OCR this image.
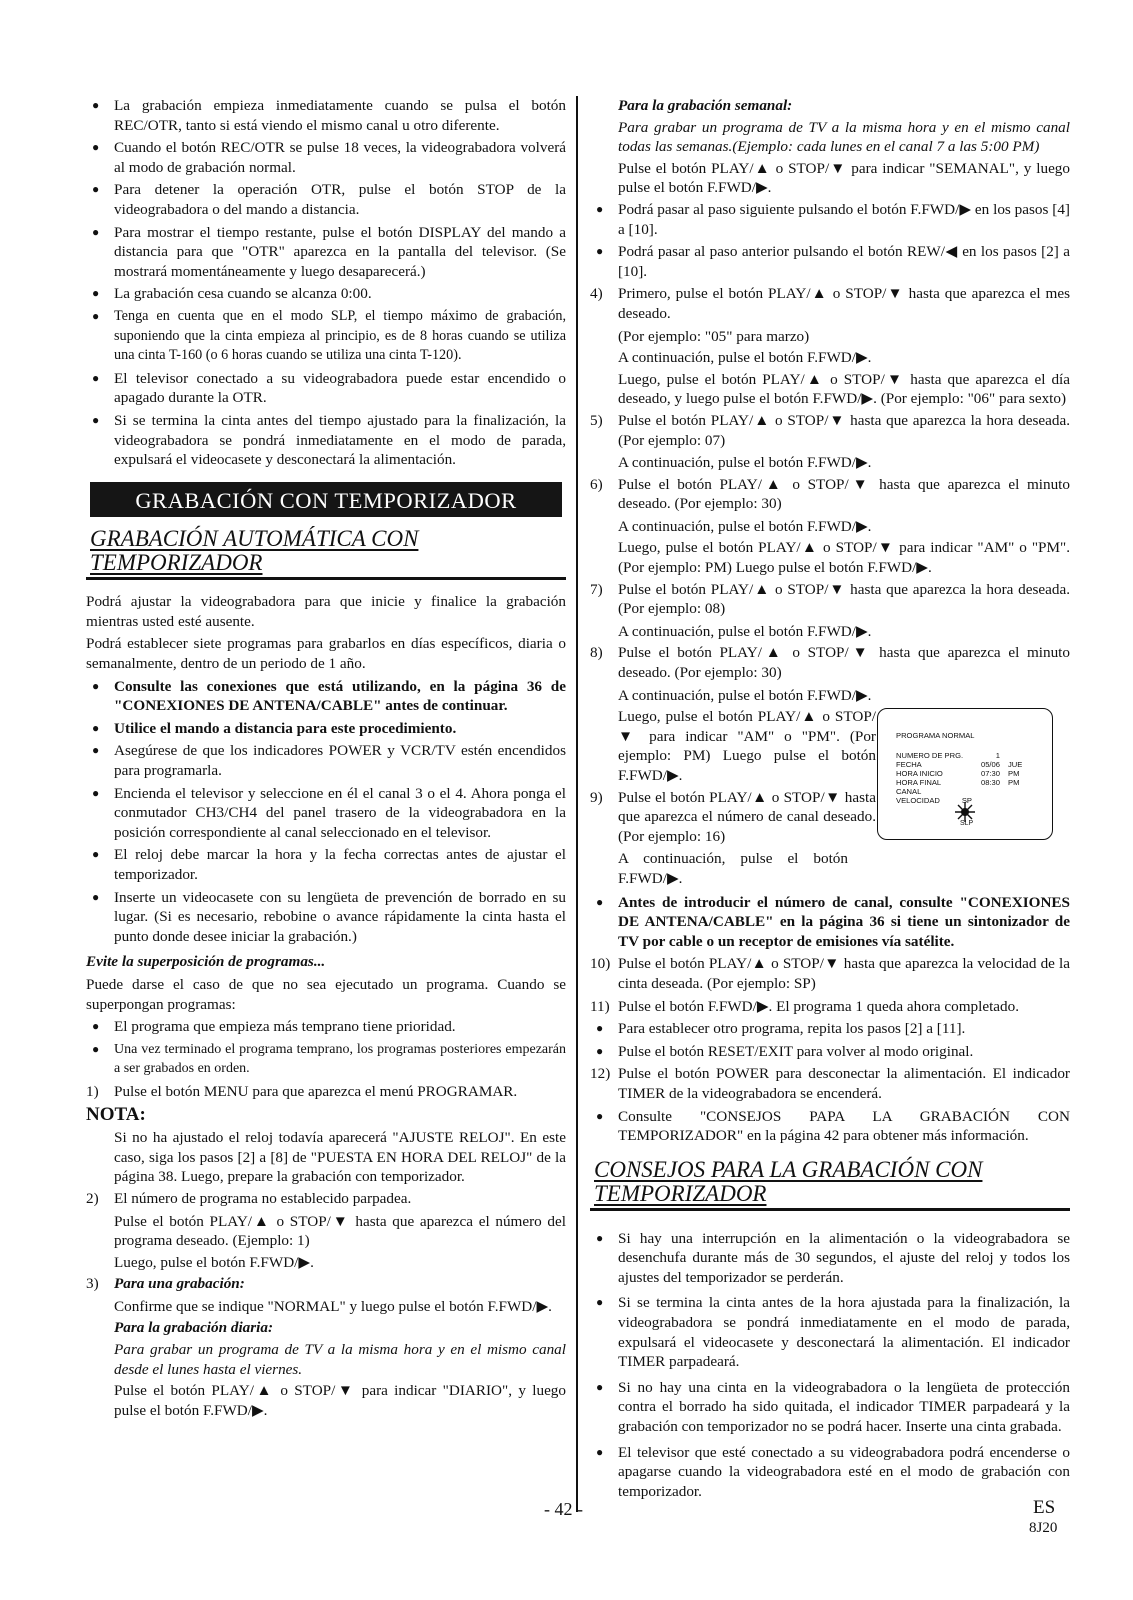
● La grabación empieza inmediatamente cuando se pulsa el botón REC/OTR, tanto si está viendo el mismo canal u otro diferente.
● Cuando el botón REC/OTR se pulse 18 veces, la videograbadora volverá al modo de grabación normal.
● Para detener la operación OTR, pulse el botón STOP de la videograbadora o del mando a distancia.
● Para mostrar el tiempo restante, pulse el botón DISPLAY del mando a distancia para que "OTR" aparezca en la pantalla del televisor. (Se mostrará momentáneamente y luego desaparecerá.)
● La grabación cesa cuando se alcanza 0:00.
● Tenga en cuenta que en el modo SLP, el tiempo máximo de grabación, suponiendo que la cinta empieza al principio, es de 8 horas cuando se utiliza una cinta T-160 (o 6 horas cuando se utiliza una cinta T-120).
● El televisor conectado a su videograbadora puede estar encendido o apagado durante la OTR.
● Si se termina la cinta antes del tiempo ajustado para la finalización, la videograbadora se pondrá inmediatamente en el modo de parada, expulsará el videocasete y desconectará la alimentación.
GRABACIÓN CON TEMPORIZADOR
GRABACIÓN AUTOMÁTICA CON
TEMPORIZADOR
Podrá ajustar la videograbadora para que inicie y finalice la grabación mientras usted esté ausente.
Podrá establecer siete programas para grabarlos en días específicos, diaria o semanalmente, dentro de un periodo de 1 año.
● Consulte las conexiones que está utilizando, en la página 36 de "CONEXIONES DE ANTENA/CABLE" antes de continuar.
● Utilice el mando a distancia para este procedimiento.
● Asegúrese de que los indicadores POWER y VCR/TV estén encendidos para programarla.
● Encienda el televisor y seleccione en él el canal 3 o el 4. Ahora ponga el conmutador CH3/CH4 del panel trasero de la videograbadora en la posición correspondiente al canal seleccionado en el televisor.
● El reloj debe marcar la hora y la fecha correctas antes de ajustar el temporizador.
● Inserte un videocasete con su lengüeta de prevención de borrado en su lugar. (Si es necesario, rebobine o avance rápidamente la cinta hasta el punto donde desee iniciar la grabación.)
Evite la superposición de programas...
Puede darse el caso de que no sea ejecutado un programa. Cuando se superpongan programas:
● El programa que empieza más temprano tiene prioridad.
● Una vez terminado el programa temprano, los programas posteriores empezarán a ser grabados en orden.
1) Pulse el botón MENU para que aparezca el menú PROGRAMAR.
NOTA:
Si no ha ajustado el reloj todavía aparecerá "AJUSTE RELOJ". En este caso, siga los pasos [2] a [8] de "PUESTA EN HORA DEL RELOJ" de la página 38. Luego, prepare la grabación con temporizador.
2) El número de programa no establecido parpadea.
Pulse el botón PLAY/▲ o STOP/▼ hasta que aparezca el número del programa deseado. (Ejemplo: 1)
Luego, pulse el botón F.FWD/▶.
3) Para una grabación:
Confirme que se indique "NORMAL" y luego pulse el botón F.FWD/▶.
Para la grabación diaria:
Para grabar un programa de TV a la misma hora y en el mismo canal desde el lunes hasta el viernes.
Pulse el botón PLAY/▲ o STOP/▼ para indicar "DIARIO", y luego pulse el botón F.FWD/▶.
Para la grabación semanal:
Para grabar un programa de TV a la misma hora y en el mismo canal todas las semanas.(Ejemplo: cada lunes en el canal 7 a las 5:00 PM)
Pulse el botón PLAY/▲ o STOP/▼ para indicar "SEMANAL", y luego pulse el botón F.FWD/▶.
● Podrá pasar al paso siguiente pulsando el botón F.FWD/▶ en los pasos [4] a [10].
● Podrá pasar al paso anterior pulsando el botón REW/◀ en los pasos [2] a [10].
4) Primero, pulse el botón PLAY/▲ o STOP/▼ hasta que aparezca el mes deseado.
(Por ejemplo: "05" para marzo)
A continuación, pulse el botón F.FWD/▶.
Luego, pulse el botón PLAY/▲ o STOP/▼ hasta que aparezca el día deseado, y luego pulse el botón F.FWD/▶. (Por ejemplo: "06" para sexto)
5) Pulse el botón PLAY/▲ o STOP/▼ hasta que aparezca la hora deseada. (Por ejemplo: 07)
A continuación, pulse el botón F.FWD/▶.
6) Pulse el botón PLAY/▲ o STOP/▼ hasta que aparezca el minuto deseado. (Por ejemplo: 30)
A continuación, pulse el botón F.FWD/▶.
Luego, pulse el botón PLAY/▲ o STOP/▼ para indicar "AM" o "PM". (Por ejemplo: PM) Luego pulse el botón F.FWD/▶.
7) Pulse el botón PLAY/▲ o STOP/▼ hasta que aparezca la hora deseada. (Por ejemplo: 08)
A continuación, pulse el botón F.FWD/▶.
8) Pulse el botón PLAY/▲ o STOP/▼ hasta que aparezca el minuto deseado. (Por ejemplo: 30)
A continuación, pulse el botón F.FWD/▶.
Luego, pulse el botón PLAY/▲ o STOP/▼ para indicar "AM" o "PM". (Por ejemplo: PM) Luego pulse el botón F.FWD/▶.
9) Pulse el botón PLAY/▲ o STOP/▼ hasta que aparezca el número de canal deseado. (Por ejemplo: 16)
A continuación, pulse el botón F.FWD/▶.
● Antes de introducir el número de canal, consulte "CONEXIONES DE ANTENA/CABLE" en la página 36 si tiene un sintonizador de TV por cable o un receptor de emisiones vía satélite.
10) Pulse el botón PLAY/▲ o STOP/▼ hasta que aparezca la velocidad de la cinta deseada. (Por ejemplo: SP)
11) Pulse el botón F.FWD/▶. El programa 1 queda ahora completado.
● Para establecer otro programa, repita los pasos [2] a [11].
● Pulse el botón RESET/EXIT para volver al modo original.
12) Pulse el botón POWER para desconectar la alimentación. El indicador TIMER de la videograbadora se encenderá.
● Consulte "CONSEJOS PAPA LA GRABACIÓN CON TEMPORIZADOR" en la página 42 para obtener más información.
CONSEJOS PARA LA GRABACIÓN CON
TEMPORIZADOR
● Si hay una interrupción en la alimentación o la videograbadora se desenchufa durante más de 30 segundos, el ajuste del reloj y todos los ajustes del temporizador se perderán.
● Si se termina la cinta antes de la hora ajustada para la finalización, la videograbadora se pondrá inmediatamente en el modo de parada, expulsará el videocasete y desconectará la alimentación. El indicador TIMER parpadeará.
● Si no hay una cinta en la videograbadora o la lengüeta de protección contra el borrado ha sido quitada, el indicador TIMER parpadeará y la grabación con temporizador no se podrá hacer. Inserte una cinta grabada.
● El televisor que esté conectado a su videograbadora podrá encenderse o apagarse cuando la videograbadora esté en el modo de grabación con temporizador.
PROGRAMA NORMAL
NUMERO DE PRG.	1
FECHA	05/06 JUE
HORA INICIO	07:30 PM
HORA FINAL	08:30 PM
CANAL
VELOCIDAD	SP
SLP
- 42 -	ES
8J20
